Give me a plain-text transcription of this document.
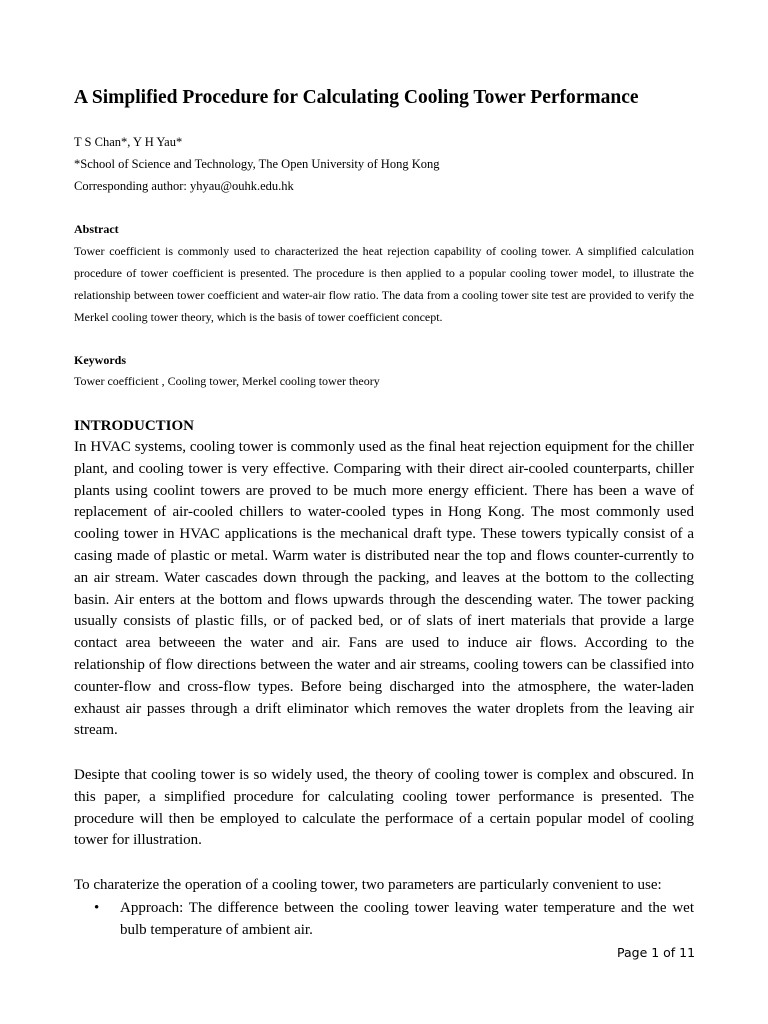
A Simplified Procedure for Calculating Cooling Tower Performance
T S Chan*, Y H Yau*
*School of Science and Technology, The Open University of Hong Kong
Corresponding author: yhyau@ouhk.edu.hk
Abstract
Tower coefficient is commonly used to characterized the heat rejection capability of cooling tower. A simplified calculation procedure of tower coefficient is presented. The procedure is then applied to a popular cooling tower model, to illustrate the relationship between tower coefficient and water-air flow ratio. The data from a cooling tower site test are provided to verify the Merkel cooling tower theory, which is the basis of tower coefficient concept.
Keywords
Tower coefficient , Cooling tower, Merkel cooling tower theory
INTRODUCTION
In HVAC systems, cooling tower is commonly used as the final heat rejection equipment for the chiller plant, and cooling tower is very effective. Comparing with their direct air-cooled counterparts, chiller plants using coolint towers are proved to be much more energy efficient. There has been a wave of replacement of air-cooled chillers to water-cooled types in Hong Kong. The most commonly used cooling tower in HVAC applications is the mechanical draft type. These towers typically consist of a casing made of plastic or metal. Warm water is distributed near the top and flows counter-currently to an air stream. Water cascades down through the packing, and leaves at the bottom to the collecting basin. Air enters at the bottom and flows upwards through the descending water. The tower packing usually consists of plastic fills, or of packed bed, or of slats of inert materials that provide a large contact area betweeen the water and air. Fans are used to induce air flows. According to the relationship of flow directions between the water and air streams, cooling towers can be classified into counter-flow and cross-flow types. Before being discharged into the atmosphere, the water-laden exhaust air passes through a drift eliminator which removes the water droplets from the leaving air stream.
Desipte that cooling tower is so widely used, the theory of cooling tower is complex and obscured. In this paper, a simplified procedure for calculating cooling tower performance is presented. The procedure will then be employed to calculate the performace of a certain popular model of cooling tower for illustration.
To charaterize the operation of a cooling tower, two parameters are particularly convenient to use:
• Approach: The difference between the cooling tower leaving water temperature and the wet bulb temperature of ambient air.
Page 1 of 11
